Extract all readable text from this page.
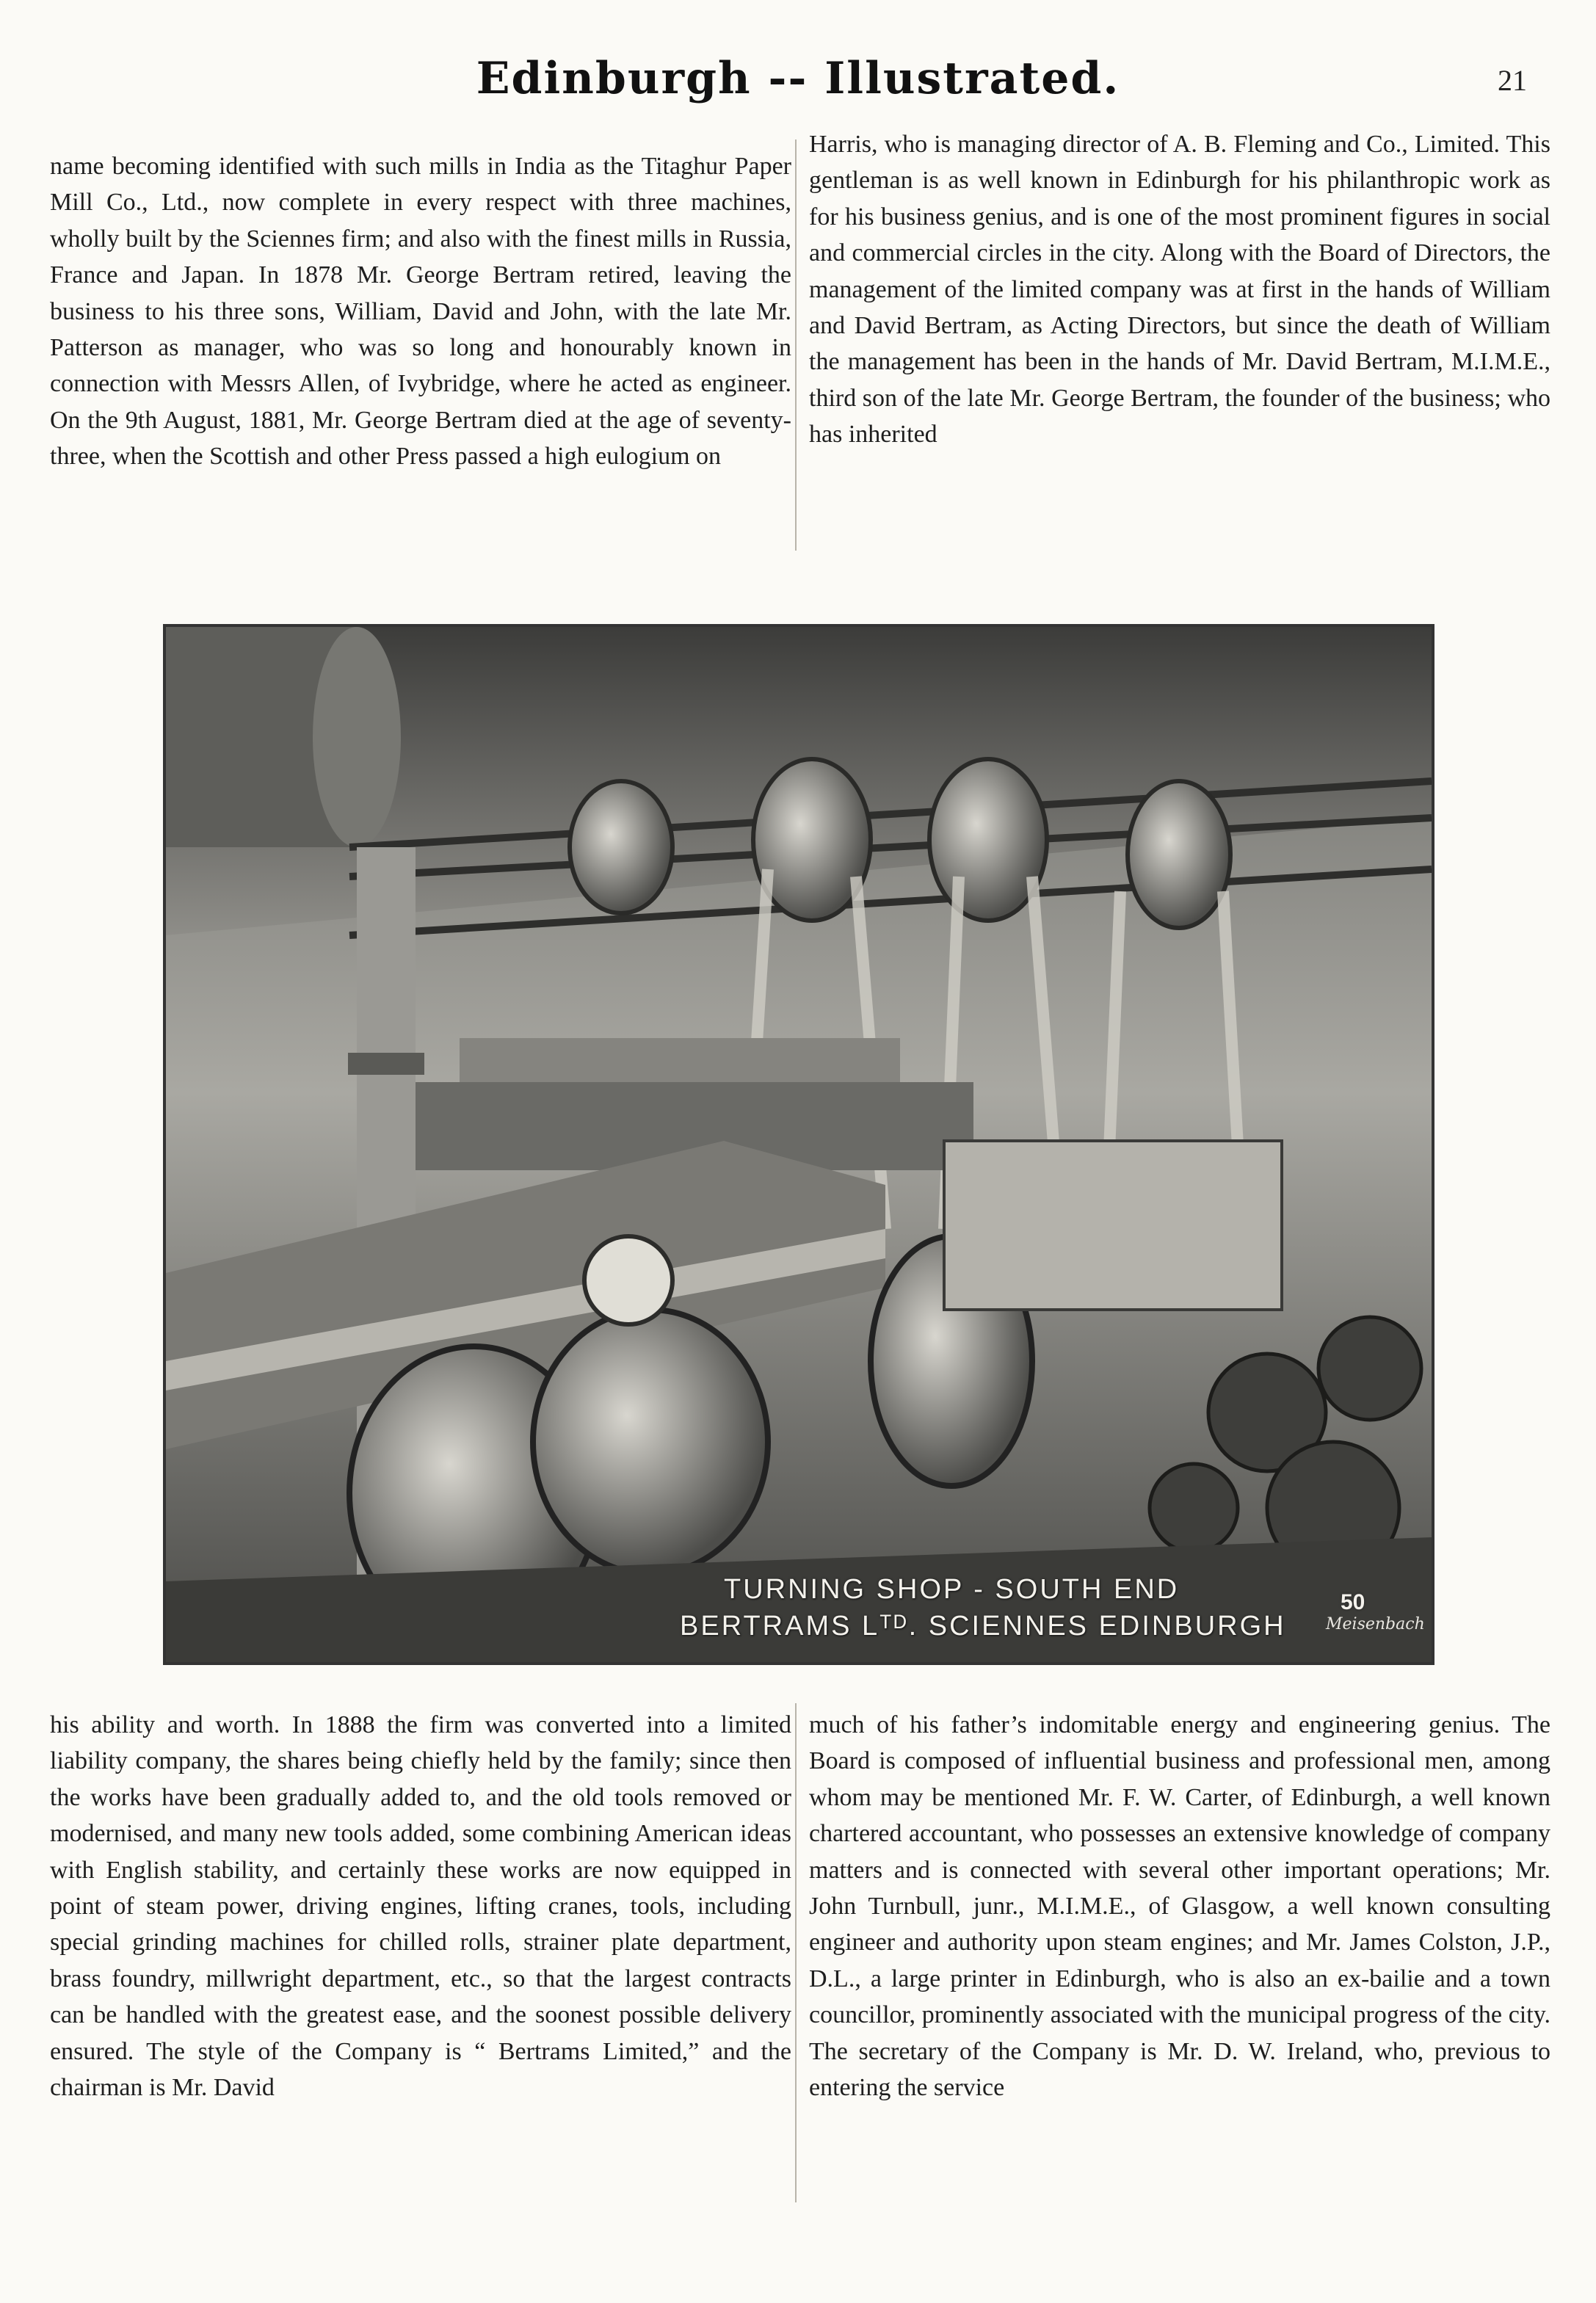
Edinburgh -- Illustrated.	21

name becoming identified with such mills in India as the Titaghur Paper Mill Co., Ltd., now complete in every respect with three machines, wholly built by the Sciennes firm; and also with the finest mills in Russia, France and Japan. In 1878 Mr. George Bertram retired, leaving the business to his three sons, William, David and John, with the late Mr. Patterson as manager, who was so long and honourably known in connection with Messrs Allen, of Ivybridge, where he acted as engineer. On the 9th August, 1881, Mr. George Bertram died at the age of seventy-three, when the Scottish and other Press passed a high eulogium on

Harris, who is managing director of A. B. Fleming and Co., Limited. This gentleman is as well known in Edinburgh for his philanthropic work as for his business genius, and is one of the most prominent figures in social and commercial circles in the city. Along with the Board of Directors, the management of the limited company was at first in the hands of William and David Bertram, as Acting Directors, but since the death of William the management has been in the hands of Mr. David Bertram, M.I.M.E., third son of the late Mr. George Bertram, the founder of the business; who has inherited

TURNING SHOP - SOUTH END
BERTRAMS Lᵀᴰ. SCIENNES EDINBURGH
50
Meisenbach

his ability and worth. In 1888 the firm was converted into a limited liability company, the shares being chiefly held by the family; since then the works have been gradually added to, and the old tools removed or modernised, and many new tools added, some combining American ideas with English stability, and certainly these works are now equipped in point of steam power, driving engines, lifting cranes, tools, including special grinding machines for chilled rolls, strainer plate department, brass foundry, millwright department, etc., so that the largest contracts can be handled with the greatest ease, and the soonest possible delivery ensured. The style of the Company is “ Bertrams Limited,” and the chairman is Mr. David

much of his father’s indomitable energy and engineering genius. The Board is composed of influential business and professional men, among whom may be mentioned Mr. F. W. Carter, of Edinburgh, a well known chartered accountant, who possesses an extensive knowledge of company matters and is connected with several other important operations; Mr. John Turnbull, junr., M.I.M.E., of Glasgow, a well known consulting engineer and authority upon steam engines; and Mr. James Colston, J.P., D.L., a large printer in Edinburgh, who is also an ex-bailie and a town councillor, prominently associated with the municipal progress of the city. The secretary of the Company is Mr. D. W. Ireland, who, previous to entering the service
